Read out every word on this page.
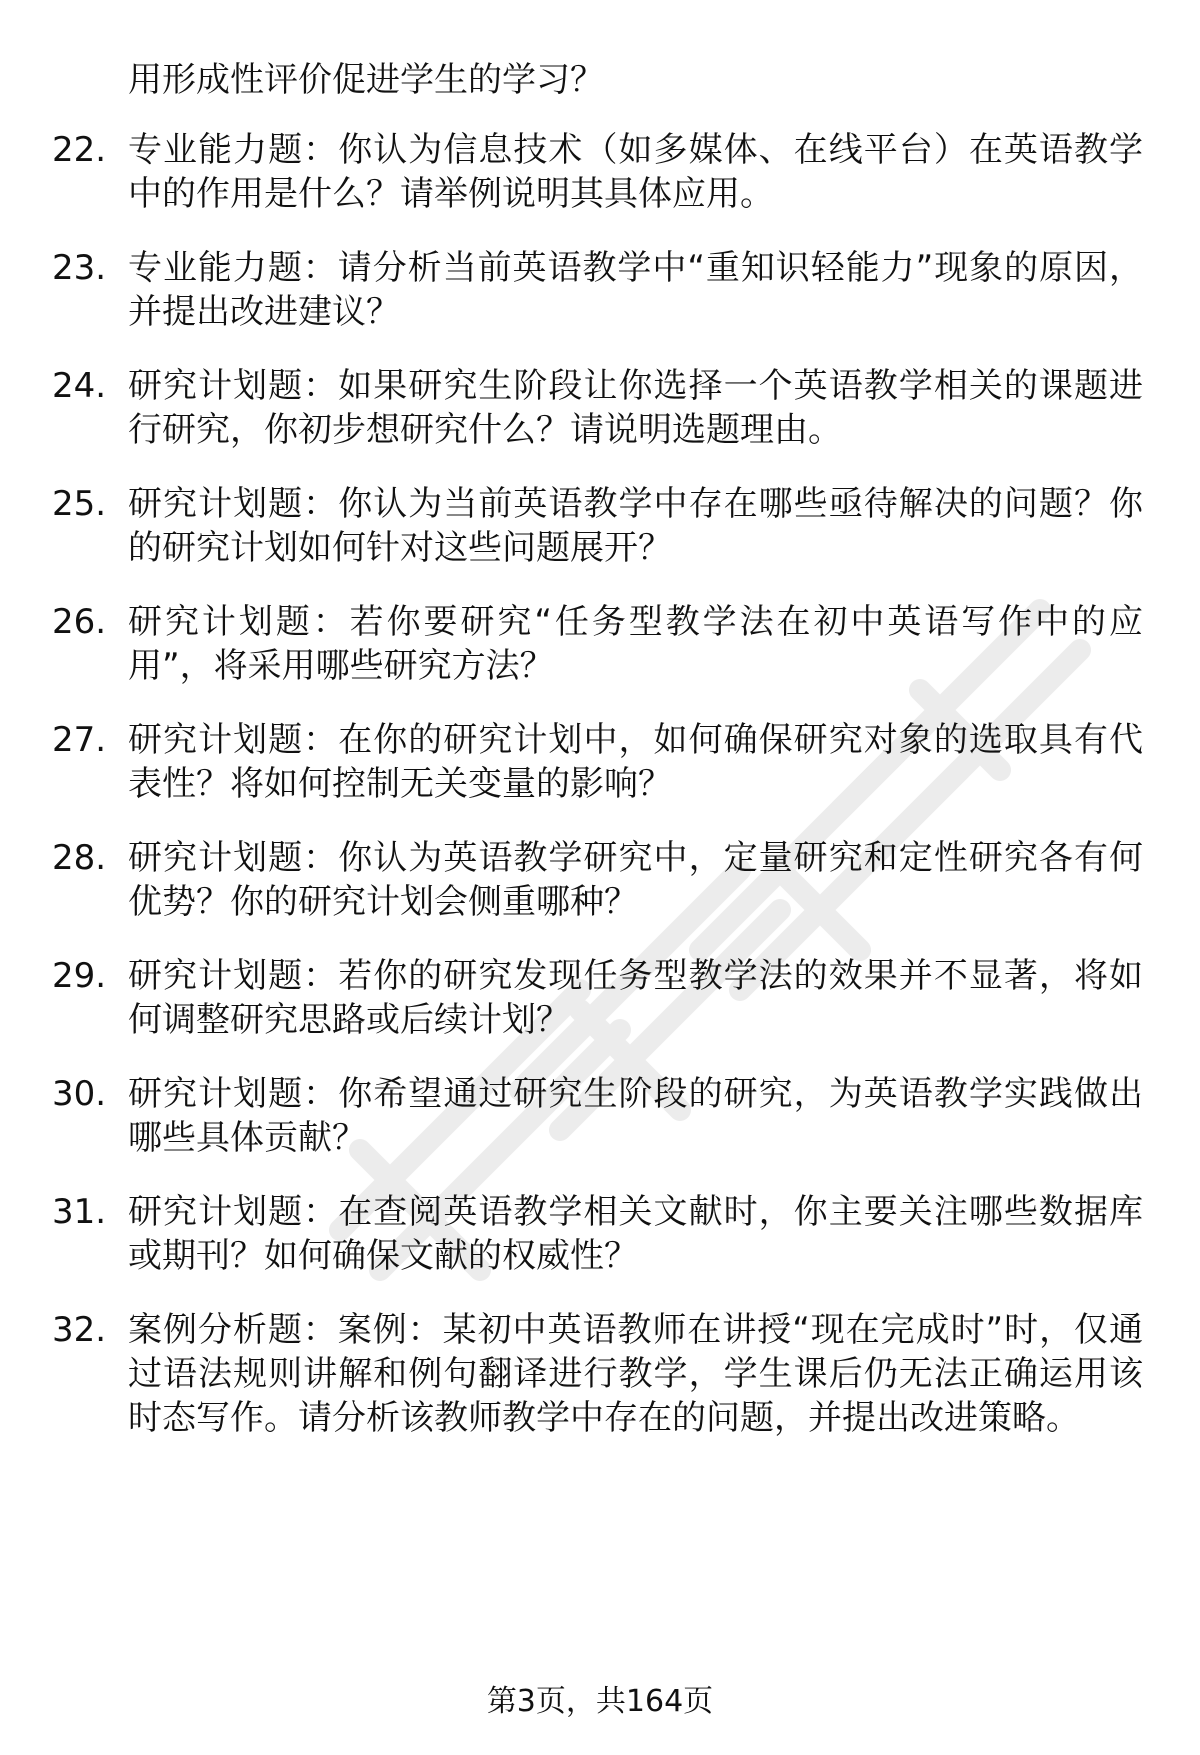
用形成性评价促进学生的学习？
22. 专业能力题：你认为信息技术（如多媒体、在线平台）在英语教学中的作用是什么？请举例说明其具体应用。
23. 专业能力题：请分析当前英语教学中“重知识轻能力”现象的原因，并提出改进建议？
24. 研究计划题：如果研究生阶段让你选择一个英语教学相关的课题进行研究，你初步想研究什么？请说明选题理由。
25. 研究计划题：你认为当前英语教学中存在哪些亟待解决的问题？你的研究计划如何针对这些问题展开？
26. 研究计划题：若你要研究“任务型教学法在初中英语写作中的应用”，将采用哪些研究方法？
27. 研究计划题：在你的研究计划中，如何确保研究对象的选取具有代表性？将如何控制无关变量的影响？
28. 研究计划题：你认为英语教学研究中，定量研究和定性研究各有何优势？你的研究计划会侧重哪种？
29. 研究计划题：若你的研究发现任务型教学法的效果并不显著，将如何调整研究思路或后续计划？
30. 研究计划题：你希望通过研究生阶段的研究，为英语教学实践做出哪些具体贡献？
31. 研究计划题：在查阅英语教学相关文献时，你主要关注哪些数据库或期刊？如何确保文献的权威性？
32. 案例分析题：案例：某初中英语教师在讲授“现在完成时”时，仅通过语法规则讲解和例句翻译进行教学，学生课后仍无法正确运用该时态写作。请分析该教师教学中存在的问题，并提出改进策略。
第3页，共164页
